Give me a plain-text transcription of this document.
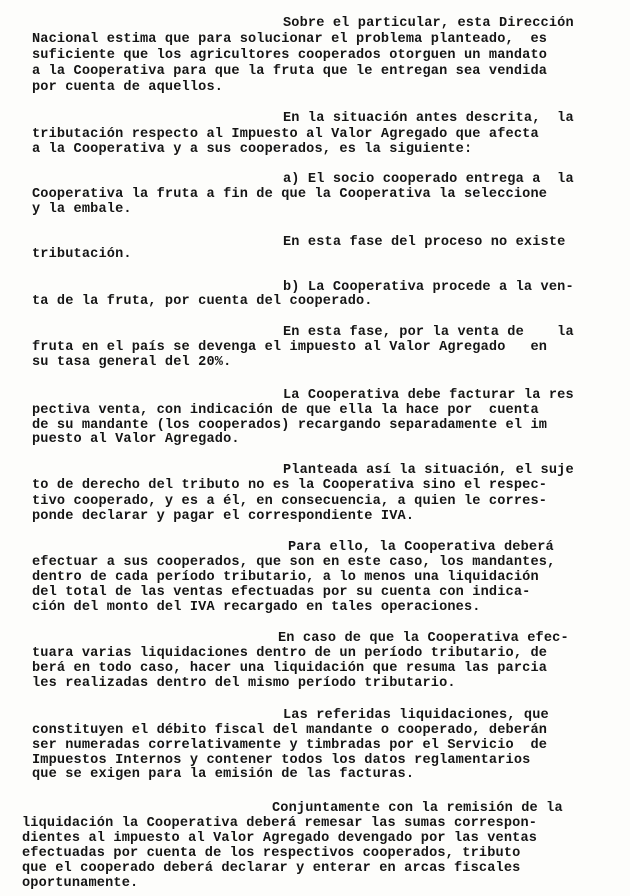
Sobre el particular, esta Dirección
Nacional estima que para solucionar el problema planteado,  es
suficiente que los agricultores cooperados otorguen un mandato
a la Cooperativa para que la fruta que le entregan sea vendida
por cuenta de aquellos.
En la situación antes descrita,  la
tributación respecto al Impuesto al Valor Agregado que afecta
a la Cooperativa y a sus cooperados, es la siguiente:
a) El socio cooperado entrega a  la
Cooperativa la fruta a fin de que la Cooperativa la seleccione
y la embale.
En esta fase del proceso no existe
tributación.
b) La Cooperativa procede a la ven-
ta de la fruta, por cuenta del cooperado.
En esta fase, por la venta de    la
fruta en el país se devenga el impuesto al Valor Agregado   en
su tasa general del 20%.
La Cooperativa debe facturar la res
pectiva venta, con indicación de que ella la hace por  cuenta
de su mandante (los cooperados) recargando separadamente el im
puesto al Valor Agregado.
Planteada así la situación, el suje
to de derecho del tributo no es la Cooperativa sino el respec-
tivo cooperado, y es a él, en consecuencia, a quien le corres-
ponde declarar y pagar el correspondiente IVA.
Para ello, la Cooperativa deberá
efectuar a sus cooperados, que son en este caso, los mandantes,
dentro de cada período tributario, a lo menos una liquidación
del total de las ventas efectuadas por su cuenta con indica-
ción del monto del IVA recargado en tales operaciones.
En caso de que la Cooperativa efec-
tuara varias liquidaciones dentro de un período tributario, de
berá en todo caso, hacer una liquidación que resuma las parcia
les realizadas dentro del mismo período tributario.
Las referidas liquidaciones, que
constituyen el débito fiscal del mandante o cooperado, deberán
ser numeradas correlativamente y timbradas por el Servicio  de
Impuestos Internos y contener todos los datos reglamentarios
que se exigen para la emisión de las facturas.
Conjuntamente con la remisión de la
liquidación la Cooperativa deberá remesar las sumas correspon-
dientes al impuesto al Valor Agregado devengado por las ventas
efectuadas por cuenta de los respectivos cooperados, tributo
que el cooperado deberá declarar y enterar en arcas fiscales
oportunamente.
